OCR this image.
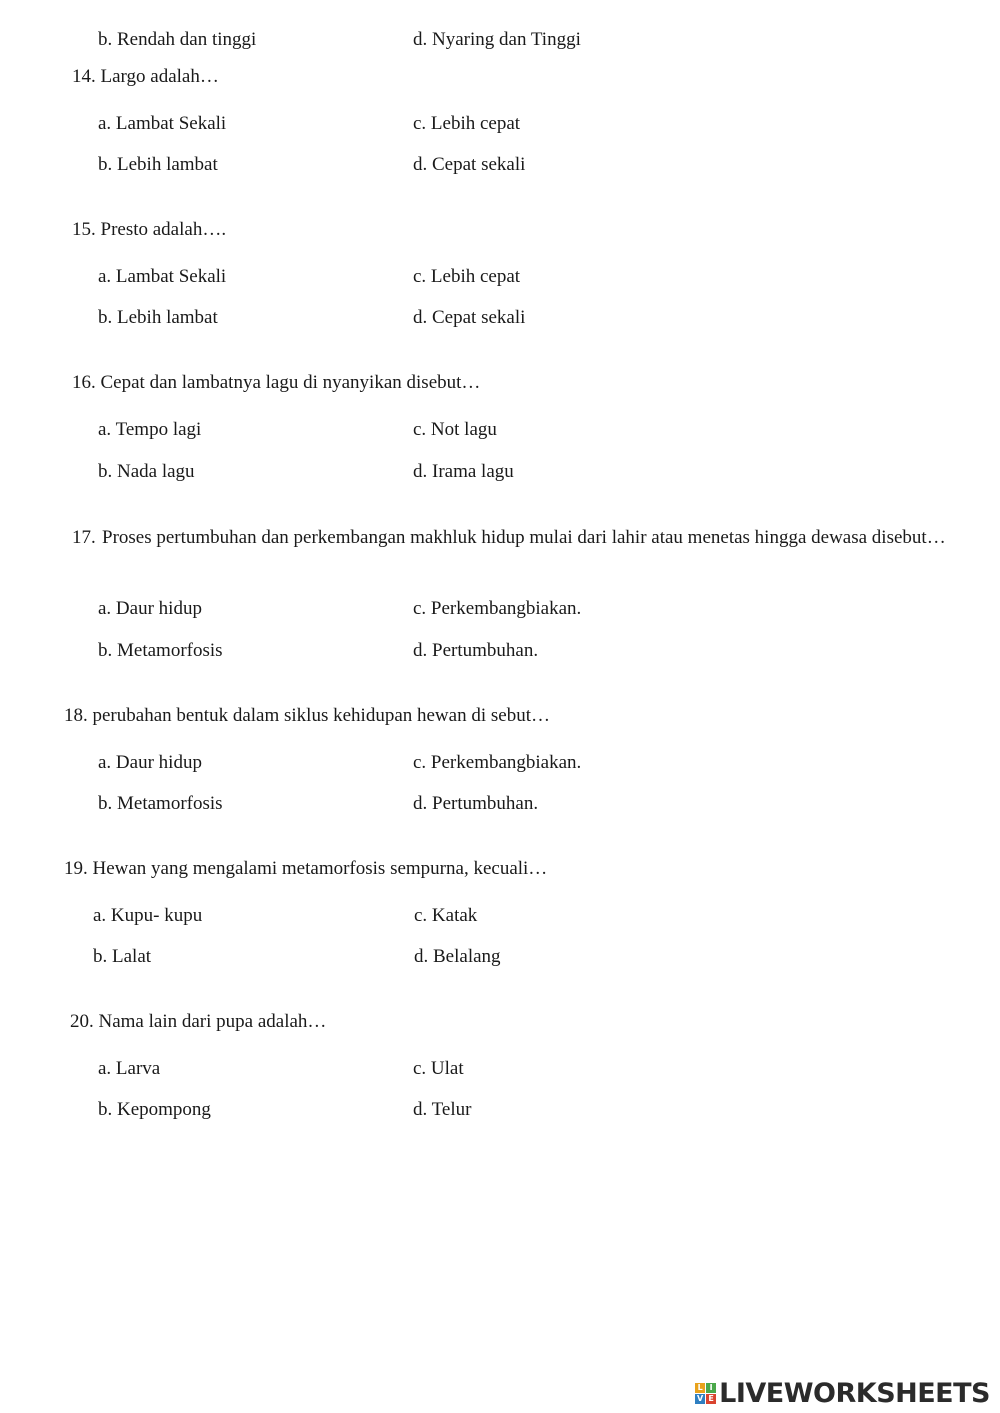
b. Rendah dan tinggi	d. Nyaring dan Tinggi
14. Largo adalah…
a. Lambat Sekali	c. Lebih cepat
b. Lebih lambat	d. Cepat sekali
15. Presto adalah….
a. Lambat Sekali	c. Lebih cepat
b. Lebih lambat	d. Cepat sekali
16. Cepat dan lambatnya lagu di nyanyikan disebut…
a. Tempo lagi	c. Not lagu
b. Nada lagu	d. Irama lagu
17. Proses pertumbuhan dan perkembangan makhluk hidup mulai dari lahir atau menetas hingga dewasa disebut…
a. Daur hidup	c. Perkembangbiakan.
b. Metamorfosis	d. Pertumbuhan.
18. perubahan bentuk dalam siklus kehidupan hewan di sebut…
a. Daur hidup	c. Perkembangbiakan.
b. Metamorfosis	d. Pertumbuhan.
19. Hewan yang mengalami metamorfosis sempurna, kecuali…
a. Kupu- kupu	c. Katak
b. Lalat	d. Belalang
20. Nama lain dari pupa adalah…
a. Larva	c. Ulat
b. Kepompong	d. Telur
L I
V E LIVEWORKSHEETS
